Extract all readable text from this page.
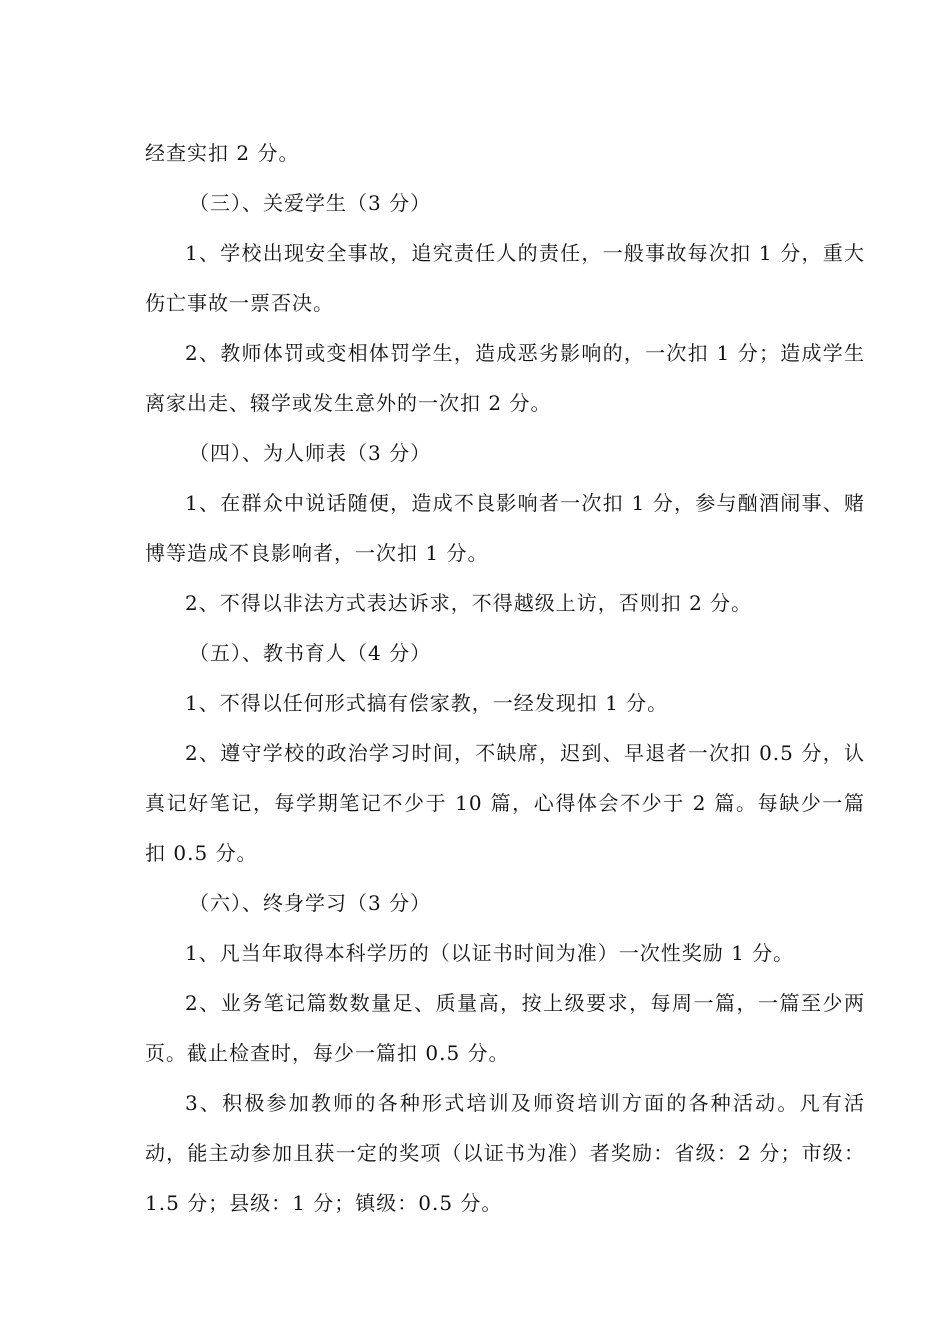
经查实扣 2 分。

（三）、关爱学生（3 分）

1、学校出现安全事故，追究责任人的责任，一般事故每次扣 1 分，重大伤亡事故一票否决。

2、教师体罚或变相体罚学生，造成恶劣影响的，一次扣 1 分；造成学生离家出走、辍学或发生意外的一次扣 2 分。

（四）、为人师表（3 分）

1、在群众中说话随便，造成不良影响者一次扣 1 分，参与酗酒闹事、赌博等造成不良影响者，一次扣 1 分。

2、不得以非法方式表达诉求，不得越级上访，否则扣 2 分。

（五）、教书育人（4 分）

1、不得以任何形式搞有偿家教，一经发现扣 1 分。

2、遵守学校的政治学习时间，不缺席，迟到、早退者一次扣 0.5 分，认真记好笔记，每学期笔记不少于 10 篇，心得体会不少于 2 篇。每缺少一篇扣 0.5 分。

（六）、终身学习（3 分）

1、凡当年取得本科学历的（以证书时间为准）一次性奖励 1 分。

2、业务笔记篇数数量足、质量高，按上级要求，每周一篇，一篇至少两页。截止检查时，每少一篇扣 0.5 分。

3、积极参加教师的各种形式培训及师资培训方面的各种活动。凡有活动，能主动参加且获一定的奖项（以证书为准）者奖励：省级：2 分；市级：1.5 分；县级：1 分；镇级：0.5 分。
